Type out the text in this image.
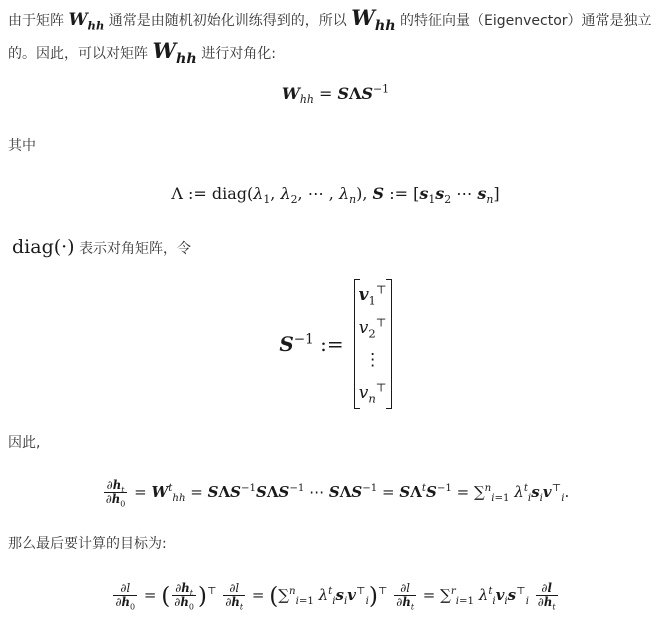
由于矩阵 $W_{hh}$ 通常是由随机初始化训练得到的，所以 $W_{hh}$ 的特征向量（Eigenvector）通常是独立的。因此，可以对矩阵 $W_{hh}$ 进行对角化:
$W_{hh} = S\Lambda S^{-1}$
其中
Λ := $diag(\lambda_1$, $\lambda_2$, ⋯ , $\lambda_n$), S := [$s_1s_2$ ⋯ $s_n$]
diag(·) 表示对角矩阵，令
$S^{-1}$ :=
$v_1^⊤$
$v_2^⊤$
⋮
$v_n^⊤$
因此,
$\frac{\partial h_t}{\partial h_0} = W^t_{hh} = S\Lambda S^{-1}S\Lambda S^{-1}$ ⋯ $S\Lambda S^{-1} = S\Lambda^tS^{-1} = \sum^n_{i=1}$ $\lambda^t_is_iv^⊤_i$.
那么最后要计算的目标为:
$\frac{\partial l}{\partial h_0}$ = ( $\frac{\partial h_t}{\partial h_0} )^⊤ \frac{\partial l}{\partial h_t} = (\sum^n_{i=1}$ $\lambda^t_is_iv^⊤_i)^⊤ \frac{\partial l}{\partial h_t} = \sum^r_{i=1}$ $\lambda^t_iv_is^⊤_i \frac{\partial l}{\partial h_t}$
